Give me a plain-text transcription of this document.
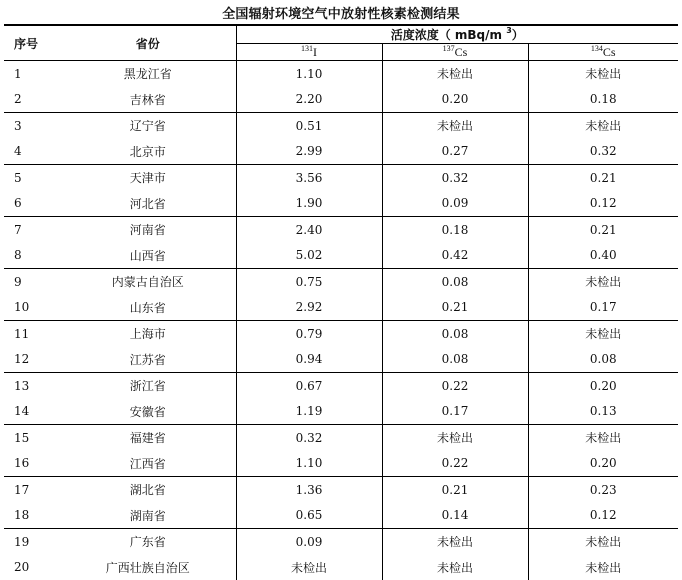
全国辐射环境空气中放射性核素检测结果
序号	省份	活度浓度（ mBq/m $^3$）		
		$^{131}$I	$^{137}$Cs	$^{134}$Cs
1	黑龙江省	1.10	未检出	未检出
2	吉林省	2.20	0.20	0.18
3	辽宁省	0.51	未检出	未检出
4	北京市	2.99	0.27	0.32
5	天津市	3.56	0.32	0.21
6	河北省	1.90	0.09	0.12
7	河南省	2.40	0.18	0.21
8	山西省	5.02	0.42	0.40
9	内蒙古自治区	0.75	0.08	未检出
10	山东省	2.92	0.21	0.17
11	上海市	0.79	0.08	未检出
12	江苏省	0.94	0.08	0.08
13	浙江省	0.67	0.22	0.20
14	安徽省	1.19	0.17	0.13
15	福建省	0.32	未检出	未检出
16	江西省	1.10	0.22	0.20
17	湖北省	1.36	0.21	0.23
18	湖南省	0.65	0.14	0.12
19	广东省	0.09	未检出	未检出
20	广西壮族自治区	未检出	未检出	未检出
